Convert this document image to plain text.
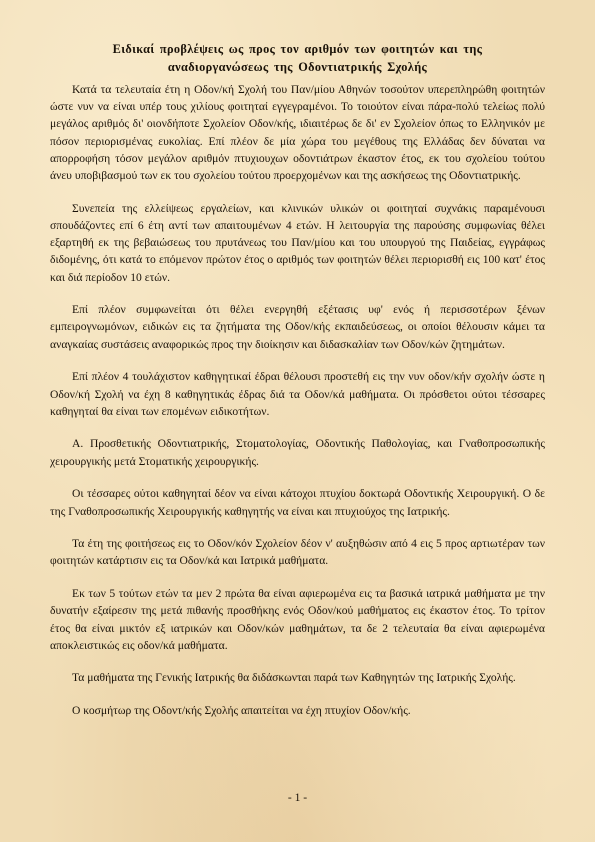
Ειδικαί προβλέψεις ως προς τον αριθμόν των φοιτητών και της
αναδιοργανώσεως της Οδοντιατρικής Σχολής

Κατά τα τελευταία έτη η Οδον/κή Σχολή του Παν/μίου Αθηνών τοσούτον υπερεπληρώθη φοιτητών ώστε νυν να είναι υπέρ τους χιλίους φοιτηταί εγγεγραμένοι. Το τοιούτον είναι πάρα-πολύ τελείως πολύ μεγάλος αριθμός δι' οιονδήποτε Σχολείον Οδον/κής, ιδιαιτέρως δε δι' εν Σχολείον όπως το Ελληνικόν με πόσον περιορισμένας ευκολίας. Επί πλέον δε μία χώρα του μεγέθους της Ελλάδας δεν δύναται να απορροφήση τόσον μεγάλον αριθμόν πτυχιουχων οδοντιάτρων έκαστον έτος, εκ του σχολείου τούτου άνευ υποβιβασμού των εκ του σχολείου τούτου προερχομένων και της ασκήσεως της Οδοντιατρικής.

Συνεπεία της ελλείψεως εργαλείων, και κλινικών υλικών οι φοιτηταί συχνάκις παραμένουσι σπουδάζοντες επί 6 έτη αντί των απαιτουμένων 4 ετών. Η λειτουργία της παρούσης συμφωνίας θέλει εξαρτηθή εκ της βεβαιώσεως του πρυτάνεως του Παν/μίου και του υπουργού της Παιδείας, εγγράφως διδομένης, ότι κατά το επόμενον πρώτον έτος ο αριθμός των φοιτητών θέλει περιορισθή εις 100 κατ' έτος και διά περίοδον 10 ετών.

Επί πλέον συμφωνείται ότι θέλει ενεργηθή εξέτασις υφ' ενός ή περισσοτέρων ξένων εμπειρογνωμόνων, ειδικών εις τα ζητήματα της Οδον/κής εκπαιδεύσεως, οι οποίοι θέλουσιν κάμει τα αναγκαίας συστάσεις αναφορικώς προς την διοίκησιν και διδασκαλίαν των Οδον/κών ζητημάτων.

Επί πλέον 4 τουλάχιστον καθηγητικαί έδραι θέλουσι προστεθή εις την νυν οδον/κήν σχολήν ώστε η Οδον/κή Σχολή να έχη 8 καθηγητικάς έδρας διά τα Οδον/κά μαθήματα. Οι πρόσθετοι ούτοι τέσσαρες καθηγηταί θα είναι των επομένων ειδικοτήτων.

Α. Προσθετικής Οδοντιατρικής, Στοματολογίας, Οδοντικής Παθολογίας, και Γναθοπροσωπικής χειρουργικής μετά Στοματικής χειρουργικής.

Οι τέσσαρες ούτοι καθηγηταί δέον να είναι κάτοχοι πτυχίου δοκτωρά Οδοντικής Χειρουργική. Ο δε της Γναθοπροσωπικής Χειρουργικής καθηγητής να είναι και πτυχιούχος της Ιατρικής.

Τα έτη της φοιτήσεως εις το Οδον/κόν Σχολείον δέον ν' αυξηθώσιν από 4 εις 5 προς αρτιωτέραν των φοιτητών κατάρτισιν εις τα Οδον/κά και Ιατρικά μαθήματα.

Εκ των 5 τούτων ετών τα μεν 2 πρώτα θα είναι αφιερωμένα εις τα βασικά ιατρικά μαθήματα με την δυνατήν εξαίρεσιν της μετά πιθανής προσθήκης ενός Οδον/κού μαθήματος εις έκαστον έτος. Το τρίτον έτος θα είναι μικτόν εξ ιατρικών και Οδον/κών μαθημάτων, τα δε 2 τελευταία θα είναι αφιερωμένα αποκλειστικώς εις οδον/κά μαθήματα.

Τα μαθήματα της Γενικής Ιατρικής θα διδάσκωνται παρά των Καθηγητών της Ιατρικής Σχολής.

Ο κοσμήτωρ της Οδοντ/κής Σχολής απαιτείται να έχη πτυχίον Οδον/κής.

- 1 -
